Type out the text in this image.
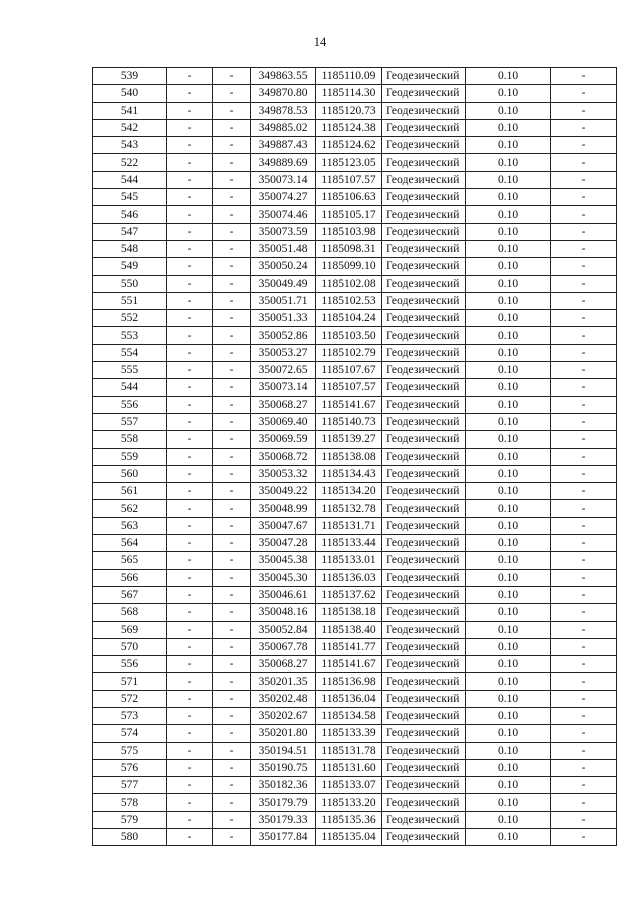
14
539	-	-	349863.55	1185110.09	Геодезический	0.10	-
540	-	-	349870.80	1185114.30	Геодезический	0.10	-
541	-	-	349878.53	1185120.73	Геодезический	0.10	-
542	-	-	349885.02	1185124.38	Геодезический	0.10	-
543	-	-	349887.43	1185124.62	Геодезический	0.10	-
522	-	-	349889.69	1185123.05	Геодезический	0.10	-
544	-	-	350073.14	1185107.57	Геодезический	0.10	-
545	-	-	350074.27	1185106.63	Геодезический	0.10	-
546	-	-	350074.46	1185105.17	Геодезический	0.10	-
547	-	-	350073.59	1185103.98	Геодезический	0.10	-
548	-	-	350051.48	1185098.31	Геодезический	0.10	-
549	-	-	350050.24	1185099.10	Геодезический	0.10	-
550	-	-	350049.49	1185102.08	Геодезический	0.10	-
551	-	-	350051.71	1185102.53	Геодезический	0.10	-
552	-	-	350051.33	1185104.24	Геодезический	0.10	-
553	-	-	350052.86	1185103.50	Геодезический	0.10	-
554	-	-	350053.27	1185102.79	Геодезический	0.10	-
555	-	-	350072.65	1185107.67	Геодезический	0.10	-
544	-	-	350073.14	1185107.57	Геодезический	0.10	-
556	-	-	350068.27	1185141.67	Геодезический	0.10	-
557	-	-	350069.40	1185140.73	Геодезический	0.10	-
558	-	-	350069.59	1185139.27	Геодезический	0.10	-
559	-	-	350068.72	1185138.08	Геодезический	0.10	-
560	-	-	350053.32	1185134.43	Геодезический	0.10	-
561	-	-	350049.22	1185134.20	Геодезический	0.10	-
562	-	-	350048.99	1185132.78	Геодезический	0.10	-
563	-	-	350047.67	1185131.71	Геодезический	0.10	-
564	-	-	350047.28	1185133.44	Геодезический	0.10	-
565	-	-	350045.38	1185133.01	Геодезический	0.10	-
566	-	-	350045.30	1185136.03	Геодезический	0.10	-
567	-	-	350046.61	1185137.62	Геодезический	0.10	-
568	-	-	350048.16	1185138.18	Геодезический	0.10	-
569	-	-	350052.84	1185138.40	Геодезический	0.10	-
570	-	-	350067.78	1185141.77	Геодезический	0.10	-
556	-	-	350068.27	1185141.67	Геодезический	0.10	-
571	-	-	350201.35	1185136.98	Геодезический	0.10	-
572	-	-	350202.48	1185136.04	Геодезический	0.10	-
573	-	-	350202.67	1185134.58	Геодезический	0.10	-
574	-	-	350201.80	1185133.39	Геодезический	0.10	-
575	-	-	350194.51	1185131.78	Геодезический	0.10	-
576	-	-	350190.75	1185131.60	Геодезический	0.10	-
577	-	-	350182.36	1185133.07	Геодезический	0.10	-
578	-	-	350179.79	1185133.20	Геодезический	0.10	-
579	-	-	350179.33	1185135.36	Геодезический	0.10	-
580	-	-	350177.84	1185135.04	Геодезический	0.10	-
